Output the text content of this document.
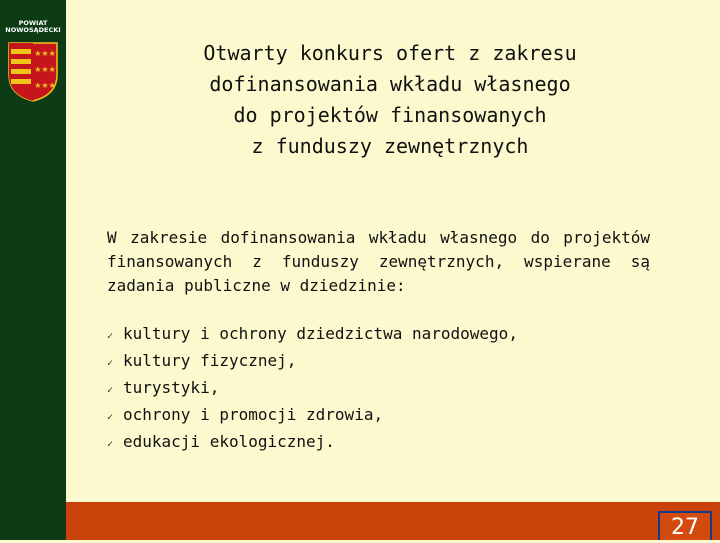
POWIAT
NOWOSĄDECKI
★★★
★★★
★★★
Otwarty konkurs ofert z zakresu
dofinansowania wkładu własnego
do projektów finansowanych
z funduszy zewnętrznych
W zakresie dofinansowania wkładu własnego do projektów finansowanych z funduszy zewnętrznych, wspierane są zadania publiczne w dziedzinie:
✓ kultury i ochrony dziedzictwa narodowego,
✓ kultury fizycznej,
✓ turystyki,
✓ ochrony i promocji zdrowia,
✓ edukacji ekologicznej.
27
